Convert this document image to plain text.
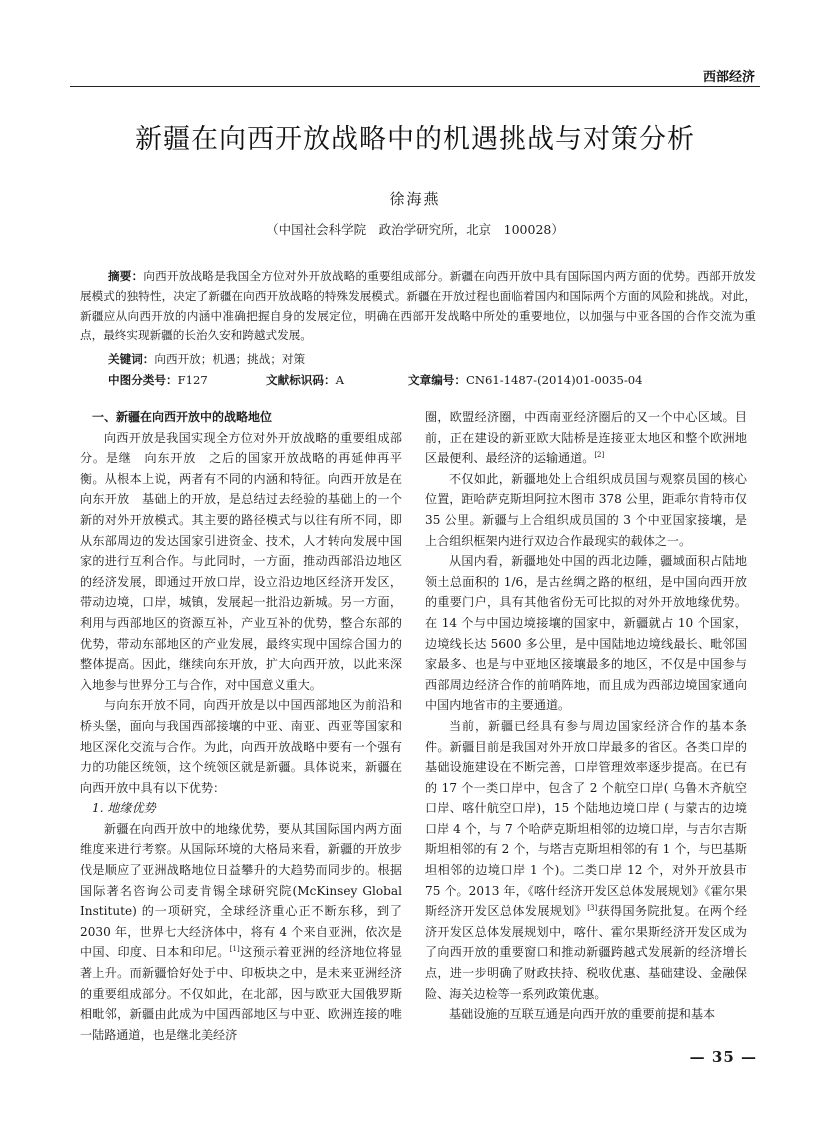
西部经济
新疆在向西开放战略中的机遇挑战与对策分析
徐海燕
（中国社会科学院　政治学研究所，北京　100028）
摘要：向西开放战略是我国全方位对外开放战略的重要组成部分。新疆在向西开放中具有国际国内两方面的优势。西部开放发展模式的独特性，决定了新疆在向西开放战略的特殊发展模式。新疆在开放过程也面临着国内和国际两个方面的风险和挑战。对此，新疆应从向西开放的内涵中准确把握自身的发展定位，明确在西部开发战略中所处的重要地位，以加强与中亚各国的合作交流为重点，最终实现新疆的长治久安和跨越式发展。
关键词：向西开放；机遇；挑战；对策
中图分类号：F127	文献标识码：A	文章编号：CN61-1487-(2014)01-0035-04

一、新疆在向西开放中的战略地位

向西开放是我国实现全方位对外开放战略的重要组成部分。是继　向东开放　之后的国家开放战略的再延伸再平衡。从根本上说，两者有不同的内涵和特征。向西开放是在　向东开放　基础上的开放，是总结过去经验的基础上的一个新的对外开放模式。其主要的路径模式与以往有所不同，即从东部周边的发达国家引进资金、技术，人才转向发展中国家的进行互利合作。与此同时，一方面，推动西部沿边地区的经济发展，即通过开放口岸，设立沿边地区经济开发区，带动边境，口岸，城镇，发展起一批沿边新城。另一方面，利用与西部地区的资源互补，产业互补的优势，整合东部的优势，带动东部地区的产业发展，最终实现中国综合国力的整体提高。因此，继续向东开放，扩大向西开放，以此来深入地参与世界分工与合作，对中国意义重大。

与向东开放不同，向西开放是以中国西部地区为前沿和桥头堡，面向与我国西部接壤的中亚、南亚、西亚等国家和地区深化交流与合作。为此，向西开放战略中要有一个强有力的功能区统领，这个统领区就是新疆。具体说来，新疆在向西开放中具有以下优势：

1. 地缘优势

新疆在向西开放中的地缘优势，要从其国际国内两方面维度来进行考察。从国际环境的大格局来看，新疆的开放步伐是顺应了亚洲战略地位日益攀升的大趋势而同步的。根据国际著名咨询公司麦肯锡全球研究院(McKinsey Global Institute) 的一项研究，全球经济重心正不断东移，到了 2030 年，世界七大经济体中，将有 4 个来自亚洲，依次是中国、印度、日本和印尼。[1]这预示着亚洲的经济地位将显著上升。而新疆恰好处于中、印板块之中，是未来亚洲经济的重要组成部分。不仅如此，在北部，因与欧亚大国俄罗斯相毗邻，新疆由此成为中国西部地区与中亚、欧洲连接的唯一陆路通道，也是继北美经济

圈，欧盟经济圈，中西南亚经济圈后的又一个中心区域。目前，正在建设的新亚欧大陆桥是连接亚太地区和整个欧洲地区最便利、最经济的运输通道。[2]

不仅如此，新疆地处上合组织成员国与观察员国的核心位置，距哈萨克斯坦阿拉木图市 378 公里，距乖尔肯特市仅 35 公里。新疆与上合组织成员国的 3 个中亚国家接壤，是上合组织框架内进行双边合作最现实的载体之一。

从国内看，新疆地处中国的西北边陲，疆域面积占陆地领土总面积的 1/6，是古丝绸之路的枢纽，是中国向西开放的重要门户，具有其他省份无可比拟的对外开放地缘优势。在 14 个与中国边境接壤的国家中，新疆就占 10 个国家，边境线长达 5600 多公里，是中国陆地边境线最长、毗邻国家最多、也是与中亚地区接壤最多的地区，不仅是中国参与西部周边经济合作的前哨阵地，而且成为西部边境国家通向中国内地省市的主要通道。

当前，新疆已经具有参与周边国家经济合作的基本条件。新疆目前是我国对外开放口岸最多的省区。各类口岸的基础设施建设在不断完善，口岸管理效率逐步提高。在已有的 17 个一类口岸中，包含了 2 个航空口岸( 乌鲁木齐航空口岸、喀什航空口岸)，15 个陆地边境口岸 ( 与蒙古的边境口岸 4 个，与 7 个哈萨克斯坦相邻的边境口岸，与吉尔吉斯斯坦相邻的有 2 个，与塔吉克斯坦相邻的有 1 个，与巴基斯坦相邻的边境口岸 1 个)。二类口岸 12 个，对外开放县市 75 个。2013 年，《喀什经济开发区总体发展规划》《霍尔果斯经济开发区总体发展规划》[3]获得国务院批复。在两个经济开发区总体发展规划中，喀什、霍尔果斯经济开发区成为了向西开放的重要窗口和推动新疆跨越式发展新的经济增长点，进一步明确了财政扶持、税收优惠、基础建设、金融保险、海关边检等一系列政策优惠。

基础设施的互联互通是向西开放的重要前提和基本

— 35 —
